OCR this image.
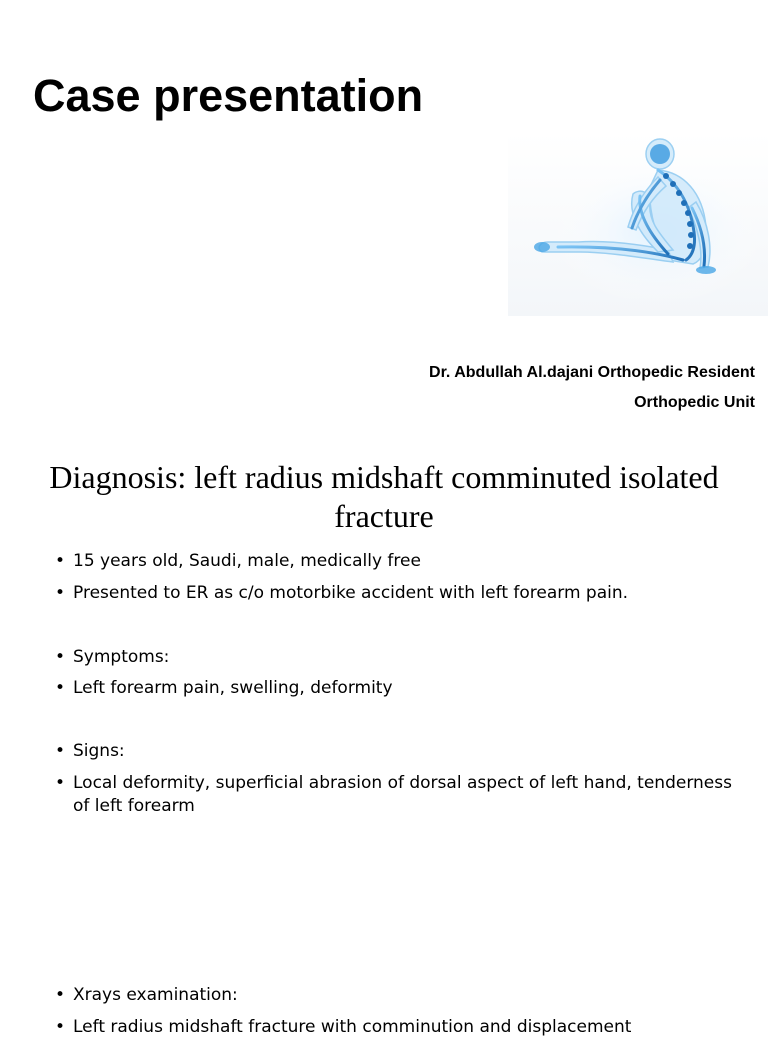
Case presentation
Dr. Abdullah Al.dajani Orthopedic Resident
Orthopedic Unit
Diagnosis: left radius midshaft comminuted isolated fracture
• 15 years old, Saudi, male, medically free
• Presented to ER as c/o motorbike accident with left forearm pain.
• Symptoms:
• Left forearm pain, swelling, deformity
• Signs:
• Local deformity, superficial abrasion of dorsal aspect of left hand, tenderness of left forearm
• Xrays examination:
• Left radius midshaft fracture with comminution and displacement
